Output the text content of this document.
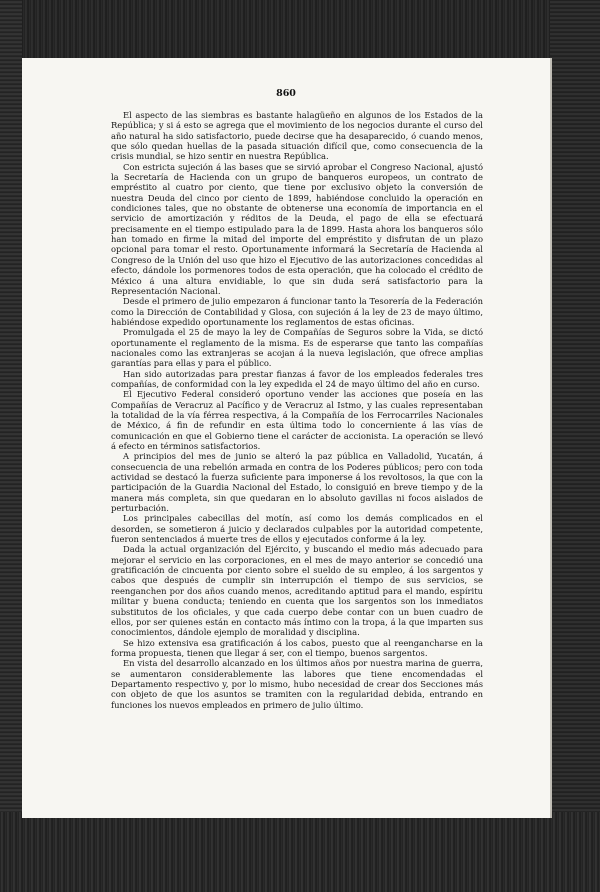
860

El aspecto de las siembras es bastante halagüeño en algunos de los Estados de la República; y si á esto se agrega que el movimiento de los negocios durante el curso del año natural ha sido satisfactorio, puede decirse que ha desaparecido, ó cuando menos, que sólo quedan huellas de la pasada situación difícil que, como consecuencia de la crisis mundial, se hizo sentir en nuestra República.

Con estricta sujeción á las bases que se sirvió aprobar el Congreso Nacional, ajustó la Secretaría de Hacienda con un grupo de banqueros europeos, un contrato de empréstito al cuatro por ciento, que tiene por exclusivo objeto la conversión de nuestra Deuda del cinco por ciento de 1899, habiéndose concluido la operación en condiciones tales, que no obstante de obtenerse una economía de importancia en el servicio de amortización y réditos de la Deuda, el pago de ella se efectuará precisamente en el tiempo estipulado para la de 1899. Hasta ahora los banqueros sólo han tomado en firme la mitad del importe del empréstito y disfrutan de un plazo opcional para tomar el resto. Oportunamente informará la Secretaría de Hacienda al Congreso de la Unión del uso que hizo el Ejecutivo de las autorizaciones concedidas al efecto, dándole los pormenores todos de esta operación, que ha colocado el crédito de México á una altura envidiable, lo que sin duda será satisfactorio para la Representación Nacional.

Desde el primero de julio empezaron á funcionar tanto la Tesorería de la Federación como la Dirección de Contabilidad y Glosa, con sujeción á la ley de 23 de mayo último, habiéndose expedido oportunamente los reglamentos de estas oficinas.

Promulgada el 25 de mayo la ley de Compañías de Seguros sobre la Vida, se dictó oportunamente el reglamento de la misma. Es de esperarse que tanto las compañías nacionales como las extranjeras se acojan á la nueva legislación, que ofrece amplias garantías para ellas y para el público.

Han sido autorizadas para prestar fianzas á favor de los empleados federales tres compañías, de conformidad con la ley expedida el 24 de mayo último del año en curso.

El Ejecutivo Federal consideró oportuno vender las acciones que poseía en las Compañías de Veracruz al Pacífico y de Veracruz al Istmo, y las cuales representaban la totalidad de la vía férrea respectiva, á la Compañía de los Ferrocarriles Nacionales de México, á fin de refundir en esta última todo lo concerniente á las vías de comunicación en que el Gobierno tiene el carácter de accionista. La operación se llevó á efecto en términos satisfactorios.

A principios del mes de junio se alteró la paz pública en Valladolid, Yucatán, á consecuencia de una rebelión armada en contra de los Poderes públicos; pero con toda actividad se destacó la fuerza suficiente para imponerse á los revoltosos, la que con la participación de la Guardia Nacional del Estado, lo consiguió en breve tiempo y de la manera más completa, sin que quedaran en lo absoluto gavillas ni focos aislados de perturbación.

Los principales cabecillas del motín, así como los demás complicados en el desorden, se sometieron á juicio y declarados culpables por la autoridad competente, fueron sentenciados á muerte tres de ellos y ejecutados conforme á la ley.

Dada la actual organización del Ejército, y buscando el medio más adecuado para mejorar el servicio en las corporaciones, en el mes de mayo anterior se concedió una gratificación de cincuenta por ciento sobre el sueldo de su empleo, á los sargentos y cabos que después de cumplir sin interrupción el tiempo de sus servicios, se reenganchen por dos años cuando menos, acreditando aptitud para el mando, espíritu militar y buena conducta; teniendo en cuenta que los sargentos son los inmediatos substitutos de los oficiales, y que cada cuerpo debe contar con un buen cuadro de ellos, por ser quienes están en contacto más íntimo con la tropa, á la que imparten sus conocimientos, dándole ejemplo de moralidad y disciplina.

Se hizo extensiva esa gratificación á los cabos, puesto que al reengancharse en la forma propuesta, tienen que llegar á ser, con el tiempo, buenos sargentos.

En vista del desarrollo alcanzado en los últimos años por nuestra marina de guerra, se aumentaron considerablemente las labores que tiene encomendadas el Departamento respectivo y, por lo mismo, hubo necesidad de crear dos Secciones más con objeto de que los asuntos se tramiten con la regularidad debida, entrando en funciones los nuevos empleados en primero de julio último.
